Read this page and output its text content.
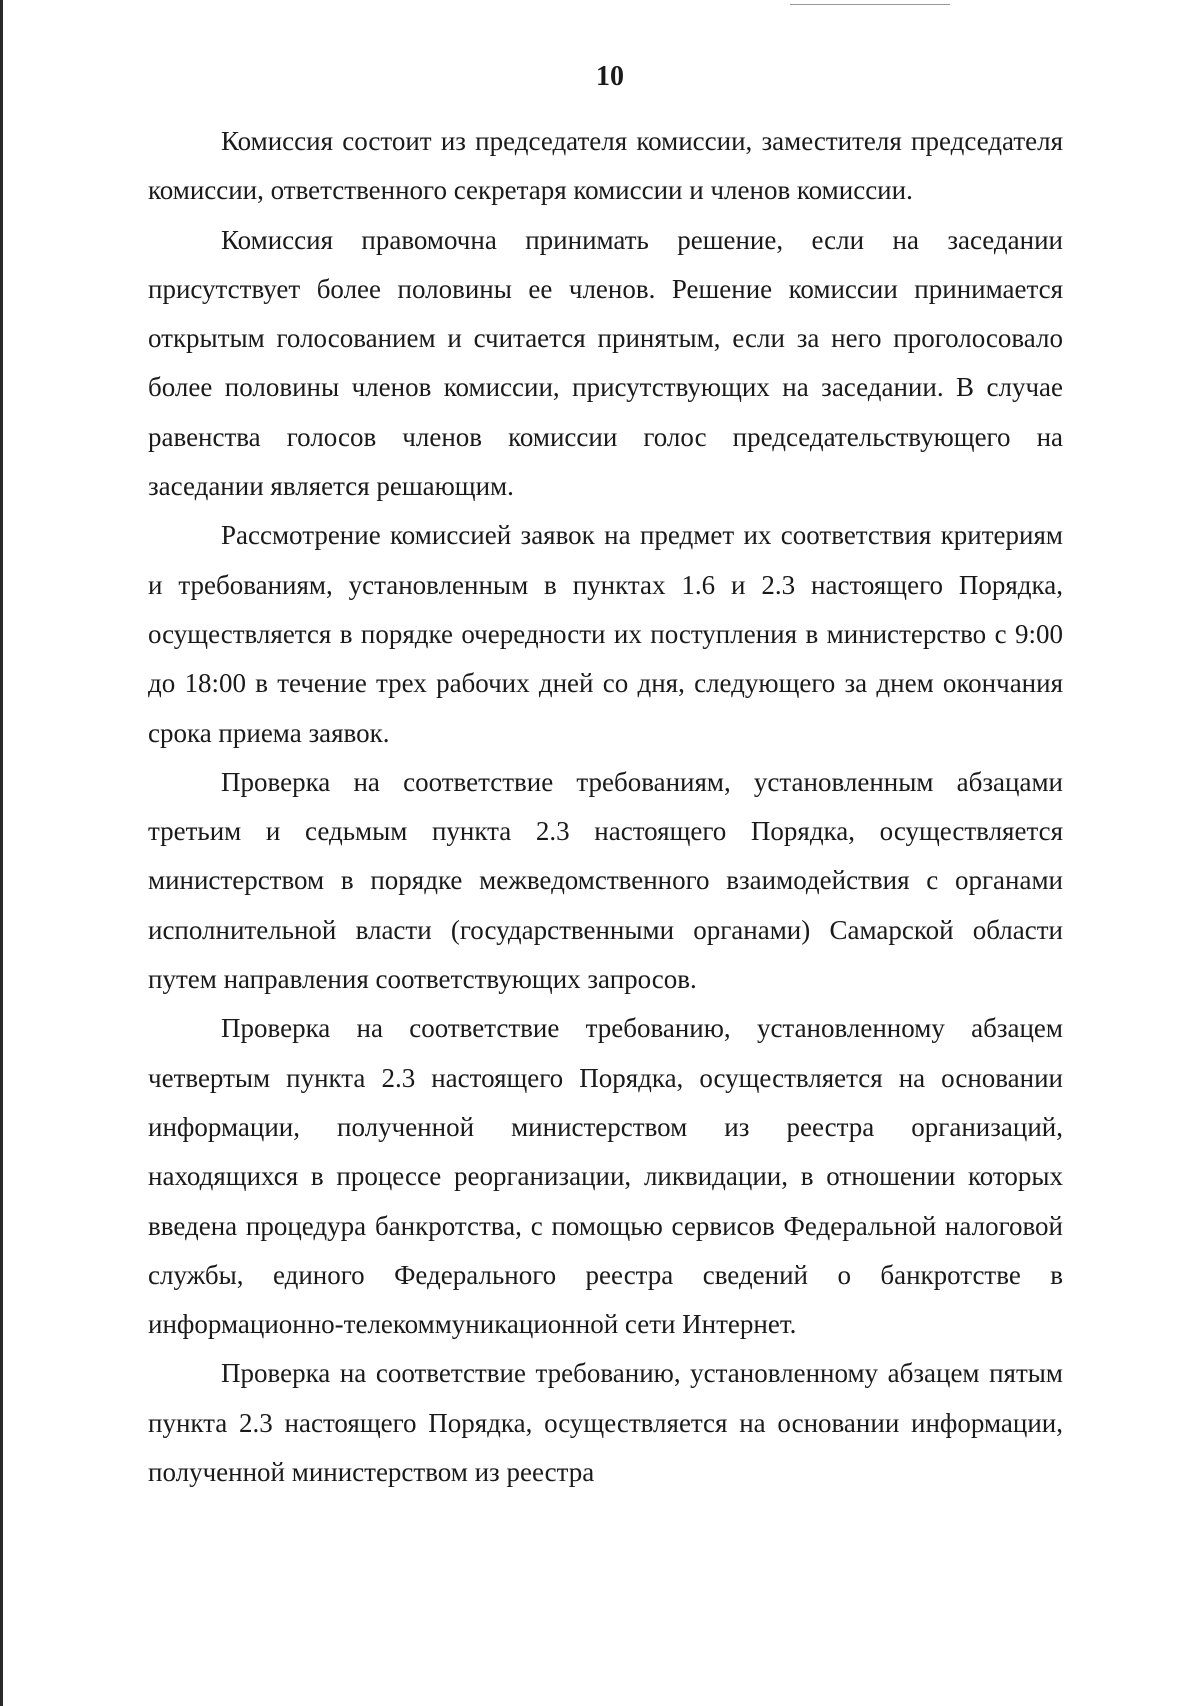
10

Комиссия состоит из председателя комиссии, заместителя председателя комиссии, ответственного секретаря комиссии и членов комиссии.

Комиссия правомочна принимать решение, если на заседании присутствует более половины ее членов. Решение комиссии принимается открытым голосованием и считается принятым, если за него проголосовало более половины членов комиссии, присутствующих на заседании. В случае равенства голосов членов комиссии голос председательствующего на заседании является решающим.

Рассмотрение комиссией заявок на предмет их соответствия критериям и требованиям, установленным в пунктах 1.6 и 2.3 настоящего Порядка, осуществляется в порядке очередности их поступления в министерство с 9:00 до 18:00 в течение трех рабочих дней со дня, следующего за днем окончания срока приема заявок.

Проверка на соответствие требованиям, установленным абзацами третьим и седьмым пункта 2.3 настоящего Порядка, осуществляется министерством в порядке межведомственного взаимодействия с органами исполнительной власти (государственными органами) Самарской области путем направления соответствующих запросов.

Проверка на соответствие требованию, установленному абзацем четвертым пункта 2.3 настоящего Порядка, осуществляется на основании информации, полученной министерством из реестра организаций, находящихся в процессе реорганизации, ликвидации, в отношении которых введена процедура банкротства, с помощью сервисов Федеральной налоговой службы, единого Федерального реестра сведений о банкротстве в информационно-телекоммуникационной сети Интернет.

Проверка на соответствие требованию, установленному абзацем пятым пункта 2.3 настоящего Порядка, осуществляется на основании информации, полученной министерством из реестра
